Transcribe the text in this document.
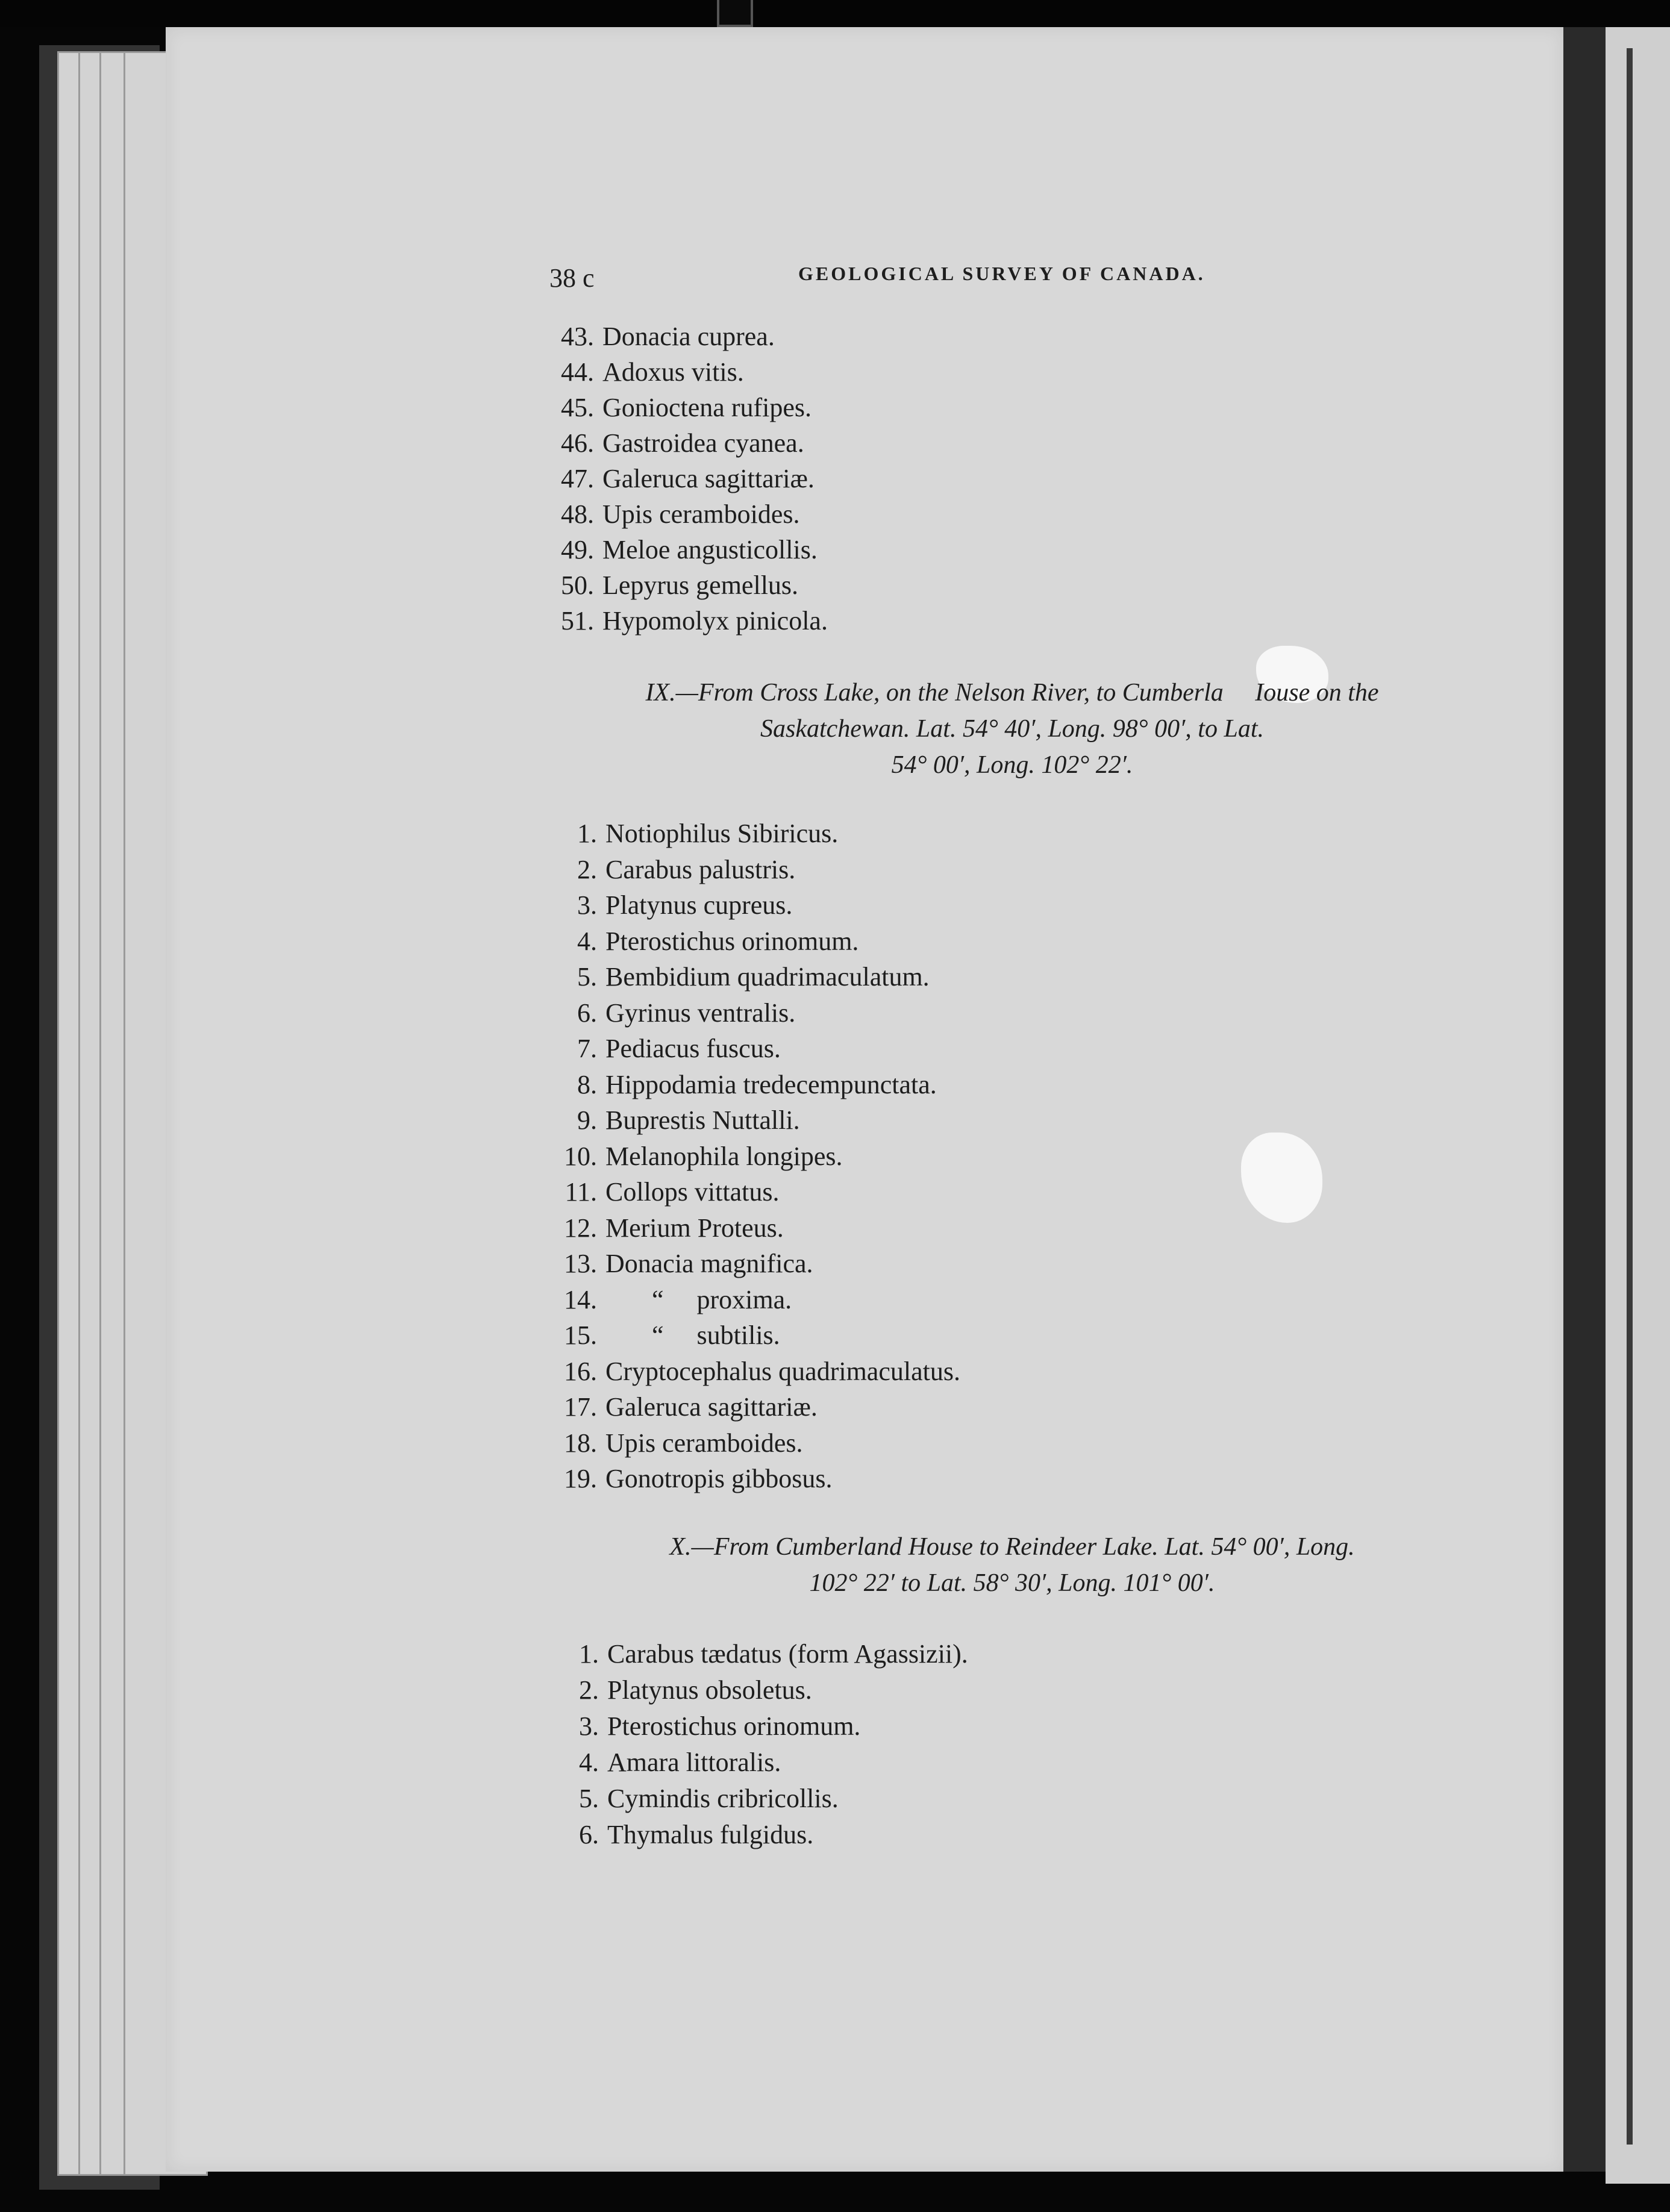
38 c	GEOLOGICAL SURVEY OF CANADA.
43. Donacia cuprea.
44. Adoxus vitis.
45. Gonioctena rufipes.
46. Gastroidea cyanea.
47. Galeruca sagittariæ.
48. Upis ceramboides.
49. Meloe angusticollis.
50. Lepyrus gemellus.
51. Hypomolyx pinicola.
IX.—From Cross Lake, on the Nelson River, to Cumberla     Iouse on the
Saskatchewan. Lat. 54° 40′, Long. 98° 00′, to Lat.
54° 00′, Long. 102° 22′.
1. Notiophilus Sibiricus.
2. Carabus palustris.
3. Platynus cupreus.
4. Pterostichus orinomum.
5. Bembidium quadrimaculatum.
6. Gyrinus ventralis.
7. Pediacus fuscus.
8. Hippodamia tredecempunctata.
9. Buprestis Nuttalli.
10. Melanophila longipes.
11. Collops vittatus.
12. Merium Proteus.
13. Donacia magnifica.
14. “     proxima.
15. “     subtilis.
16. Cryptocephalus quadrimaculatus.
17. Galeruca sagittariæ.
18. Upis ceramboides.
19. Gonotropis gibbosus.
X.—From Cumberland House to Reindeer Lake. Lat. 54° 00′, Long.
102° 22′ to Lat. 58° 30′, Long. 101° 00′.
1. Carabus tædatus (form Agassizii).
2. Platynus obsoletus.
3. Pterostichus orinomum.
4. Amara littoralis.
5. Cymindis cribricollis.
6. Thymalus fulgidus.
